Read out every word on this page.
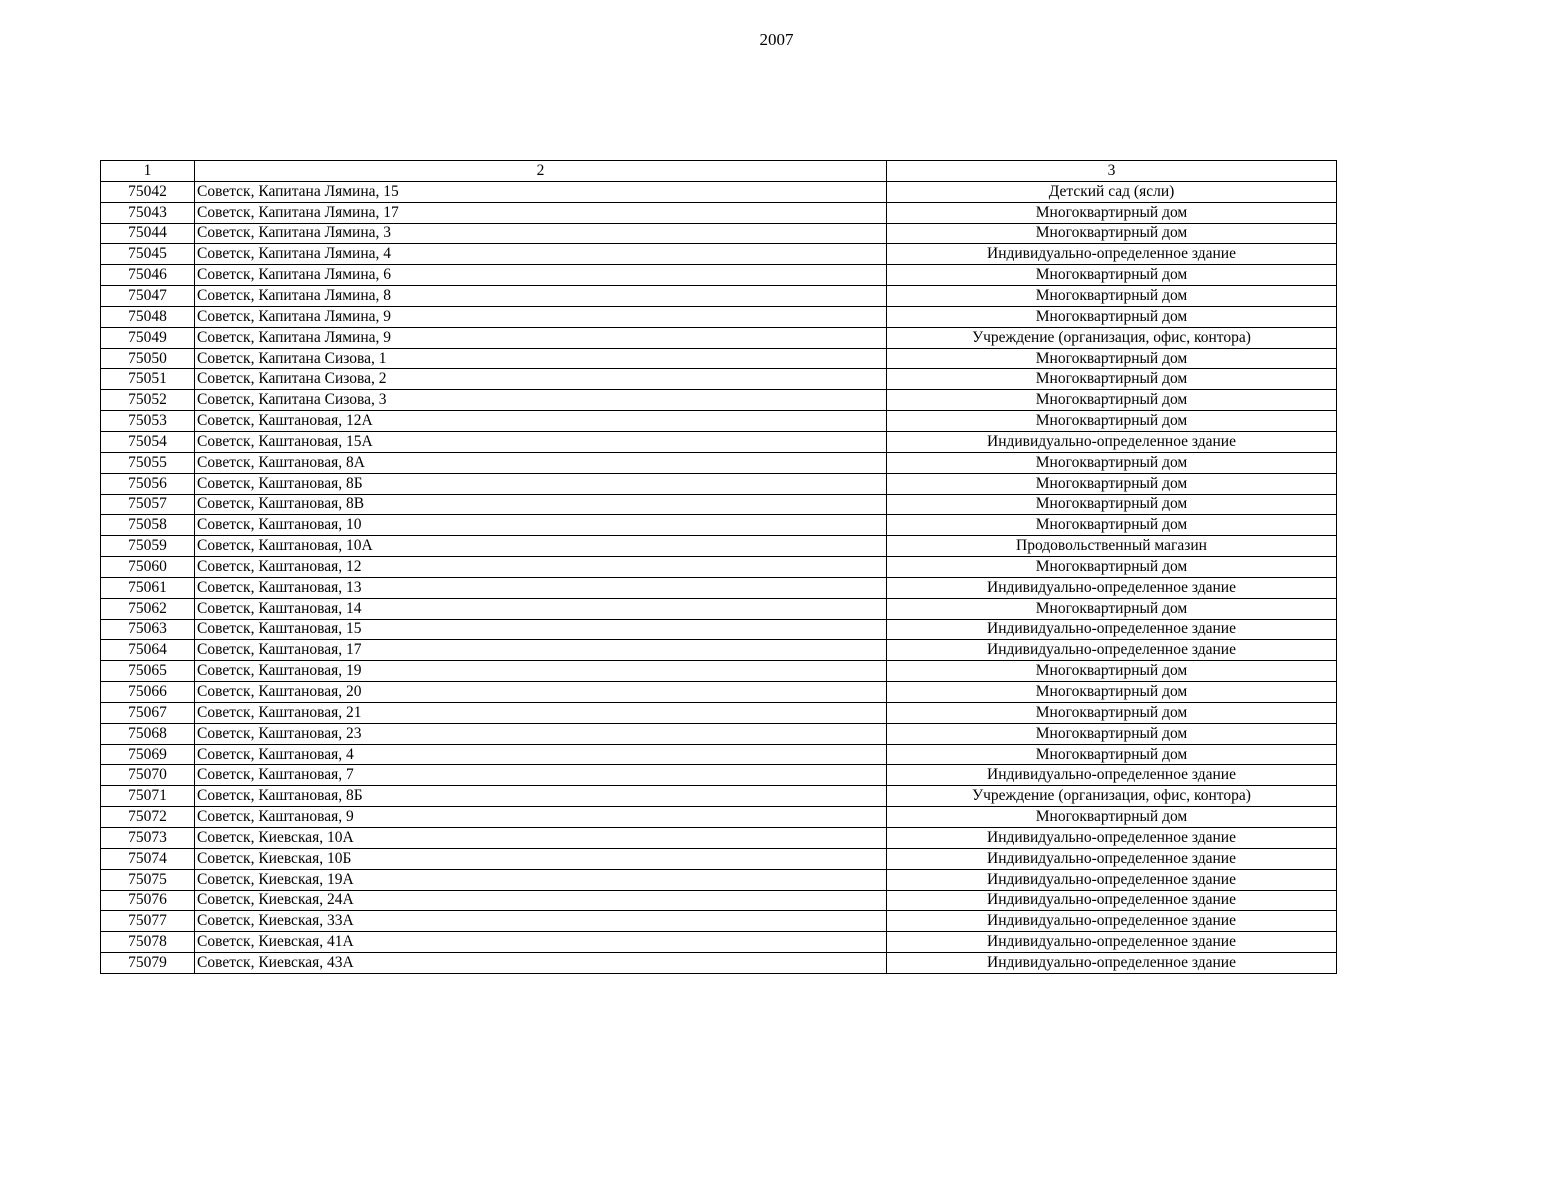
2007
1	2	3
75042	Советск, Капитана Лямина, 15	Детский сад (ясли)
75043	Советск, Капитана Лямина, 17	Многоквартирный дом
75044	Советск, Капитана Лямина, 3	Многоквартирный дом
75045	Советск, Капитана Лямина, 4	Индивидуально-определенное здание
75046	Советск, Капитана Лямина, 6	Многоквартирный дом
75047	Советск, Капитана Лямина, 8	Многоквартирный дом
75048	Советск, Капитана Лямина, 9	Многоквартирный дом
75049	Советск, Капитана Лямина, 9	Учреждение (организация, офис, контора)
75050	Советск, Капитана Сизова, 1	Многоквартирный дом
75051	Советск, Капитана Сизова, 2	Многоквартирный дом
75052	Советск, Капитана Сизова, 3	Многоквартирный дом
75053	Советск, Каштановая, 12А	Многоквартирный дом
75054	Советск, Каштановая, 15А	Индивидуально-определенное здание
75055	Советск, Каштановая, 8А	Многоквартирный дом
75056	Советск, Каштановая, 8Б	Многоквартирный дом
75057	Советск, Каштановая, 8В	Многоквартирный дом
75058	Советск, Каштановая, 10	Многоквартирный дом
75059	Советск, Каштановая, 10А	Продовольственный магазин
75060	Советск, Каштановая, 12	Многоквартирный дом
75061	Советск, Каштановая, 13	Индивидуально-определенное здание
75062	Советск, Каштановая, 14	Многоквартирный дом
75063	Советск, Каштановая, 15	Индивидуально-определенное здание
75064	Советск, Каштановая, 17	Индивидуально-определенное здание
75065	Советск, Каштановая, 19	Многоквартирный дом
75066	Советск, Каштановая, 20	Многоквартирный дом
75067	Советск, Каштановая, 21	Многоквартирный дом
75068	Советск, Каштановая, 23	Многоквартирный дом
75069	Советск, Каштановая, 4	Многоквартирный дом
75070	Советск, Каштановая, 7	Индивидуально-определенное здание
75071	Советск, Каштановая, 8Б	Учреждение (организация, офис, контора)
75072	Советск, Каштановая, 9	Многоквартирный дом
75073	Советск, Киевская, 10А	Индивидуально-определенное здание
75074	Советск, Киевская, 10Б	Индивидуально-определенное здание
75075	Советск, Киевская, 19А	Индивидуально-определенное здание
75076	Советск, Киевская, 24А	Индивидуально-определенное здание
75077	Советск, Киевская, 33А	Индивидуально-определенное здание
75078	Советск, Киевская, 41А	Индивидуально-определенное здание
75079	Советск, Киевская, 43А	Индивидуально-определенное здание
